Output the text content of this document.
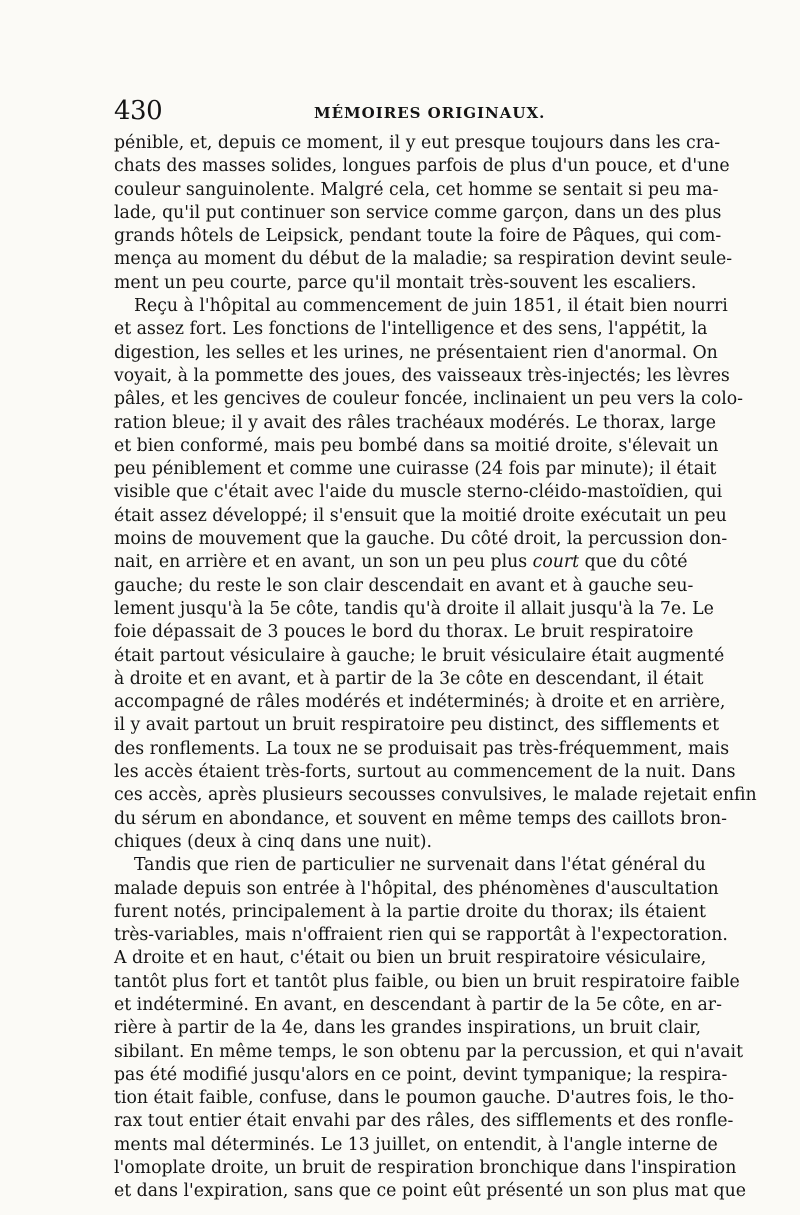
430	MÉMOIRES ORIGINAUX.
pénible, et, depuis ce moment, il y eut presque toujours dans les cra-
chats des masses solides, longues parfois de plus d'un pouce, et d'une
couleur sanguinolente. Malgré cela, cet homme se sentait si peu ma-
lade, qu'il put continuer son service comme garçon, dans un des plus
grands hôtels de Leipsick, pendant toute la foire de Pâques, qui com-
mença au moment du début de la maladie; sa respiration devint seule-
ment un peu courte, parce qu'il montait très-souvent les escaliers.
Reçu à l'hôpital au commencement de juin 1851, il était bien nourri
et assez fort. Les fonctions de l'intelligence et des sens, l'appétit, la
digestion, les selles et les urines, ne présentaient rien d'anormal. On
voyait, à la pommette des joues, des vaisseaux très-injectés; les lèvres
pâles, et les gencives de couleur foncée, inclinaient un peu vers la colo-
ration bleue; il y avait des râles trachéaux modérés. Le thorax, large
et bien conformé, mais peu bombé dans sa moitié droite, s'élevait un
peu péniblement et comme une cuirasse (24 fois par minute); il était
visible que c'était avec l'aide du muscle sterno-cléido-mastoïdien, qui
était assez développé; il s'ensuit que la moitié droite exécutait un peu
moins de mouvement que la gauche. Du côté droit, la percussion don-
nait, en arrière et en avant, un son un peu plus court que du côté
gauche; du reste le son clair descendait en avant et à gauche seu-
lement jusqu'à la 5e côte, tandis qu'à droite il allait jusqu'à la 7e. Le
foie dépassait de 3 pouces le bord du thorax. Le bruit respiratoire
était partout vésiculaire à gauche; le bruit vésiculaire était augmenté
à droite et en avant, et à partir de la 3e côte en descendant, il était
accompagné de râles modérés et indéterminés; à droite et en arrière,
il y avait partout un bruit respiratoire peu distinct, des sifflements et
des ronflements. La toux ne se produisait pas très-fréquemment, mais
les accès étaient très-forts, surtout au commencement de la nuit. Dans
ces accès, après plusieurs secousses convulsives, le malade rejetait enfin
du sérum en abondance, et souvent en même temps des caillots bron-
chiques (deux à cinq dans une nuit).
Tandis que rien de particulier ne survenait dans l'état général du
malade depuis son entrée à l'hôpital, des phénomènes d'auscultation
furent notés, principalement à la partie droite du thorax; ils étaient
très-variables, mais n'offraient rien qui se rapportât à l'expectoration.
A droite et en haut, c'était ou bien un bruit respiratoire vésiculaire,
tantôt plus fort et tantôt plus faible, ou bien un bruit respiratoire faible
et indéterminé. En avant, en descendant à partir de la 5e côte, en ar-
rière à partir de la 4e, dans les grandes inspirations, un bruit clair,
sibilant. En même temps, le son obtenu par la percussion, et qui n'avait
pas été modifié jusqu'alors en ce point, devint tympanique; la respira-
tion était faible, confuse, dans le poumon gauche. D'autres fois, le tho-
rax tout entier était envahi par des râles, des sifflements et des ronfle-
ments mal déterminés. Le 13 juillet, on entendit, à l'angle interne de
l'omoplate droite, un bruit de respiration bronchique dans l'inspiration
et dans l'expiration, sans que ce point eût présenté un son plus mat que
